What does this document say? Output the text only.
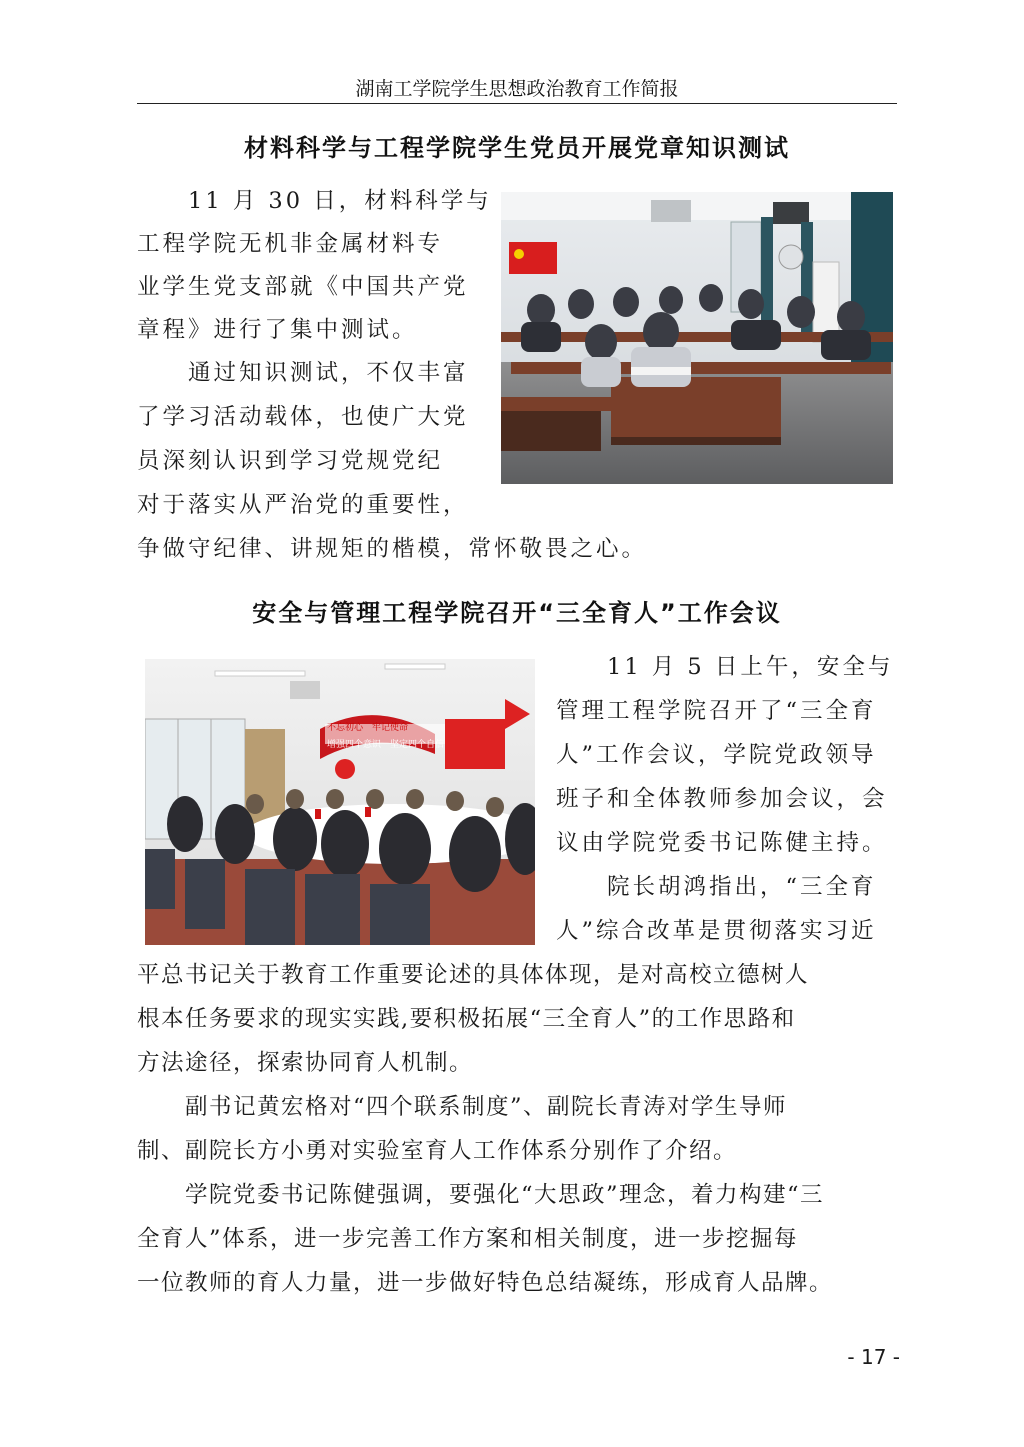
湖南工学院学生思想政治教育工作简报
材料科学与工程学院学生党员开展党章知识测试
　　11 月 30 日，材料科学与
工程学院无机非金属材料专
业学生党支部就《中国共产党
章程》进行了集中测试。
　　通过知识测试，不仅丰富
了学习活动载体，也使广大党
员深刻认识到学习党规党纪
对于落实从严治党的重要性，
争做守纪律、讲规矩的楷模，常怀敬畏之心。
安全与管理工程学院召开“三全育人”工作会议
不忘初心　牢记使命
增强四个意识　坚定四个自信
　　11 月 5 日上午，安全与
管理工程学院召开了“三全育
人”工作会议，学院党政领导
班子和全体教师参加会议，会
议由学院党委书记陈健主持。
　　院长胡鸿指出，“三全育
人”综合改革是贯彻落实习近
平总书记关于教育工作重要论述的具体体现，是对高校立德树人
根本任务要求的现实实践,要积极拓展“三全育人”的工作思路和
方法途径，探索协同育人机制。
　　副书记黄宏格对“四个联系制度”、副院长青涛对学生导师
制、副院长方小勇对实验室育人工作体系分别作了介绍。
　　学院党委书记陈健强调，要强化“大思政”理念，着力构建“三
全育人”体系，进一步完善工作方案和相关制度，进一步挖掘每
一位教师的育人力量，进一步做好特色总结凝练，形成育人品牌。
- 17 -
